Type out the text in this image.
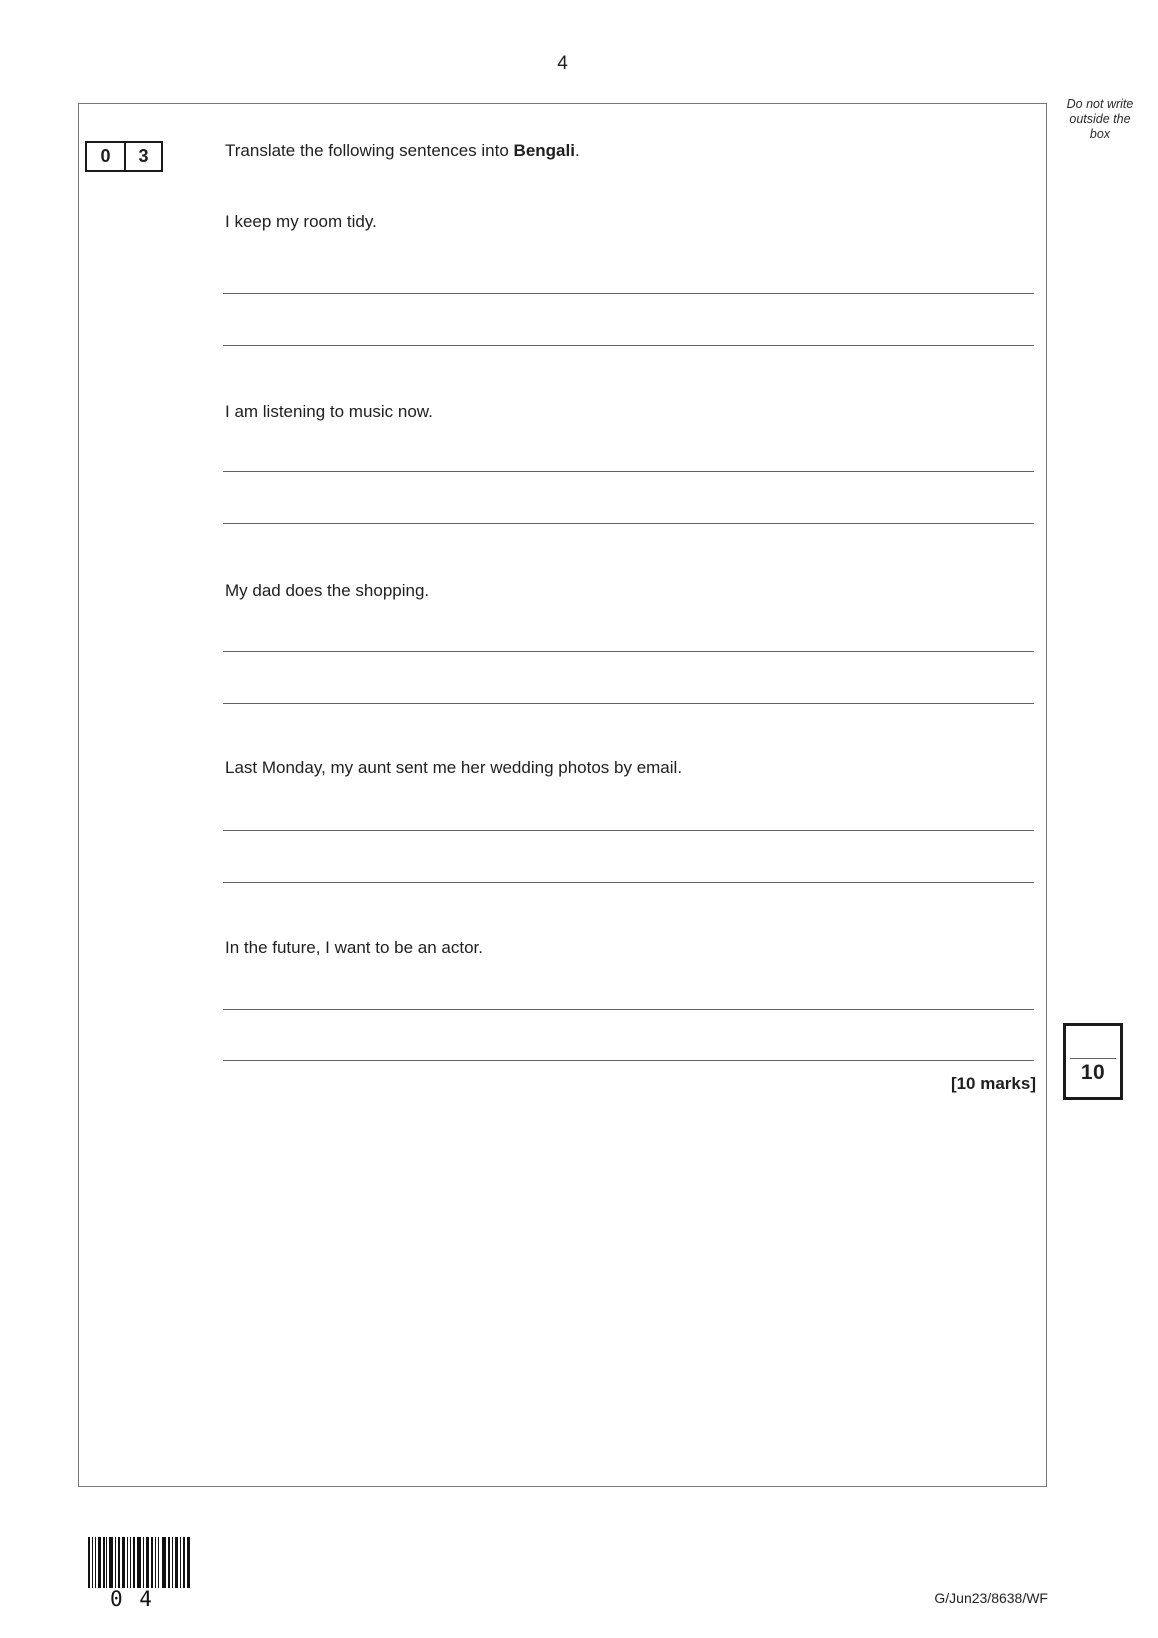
4
Do not write
outside the
box
0	3	Translate the following sentences into Bengali.
I keep my room tidy.
I am listening to music now.
My dad does the shopping.
Last Monday, my aunt sent me her wedding photos by email.
In the future, I want to be an actor.
[10 marks]	10
0 4	G/Jun23/8638/WF
